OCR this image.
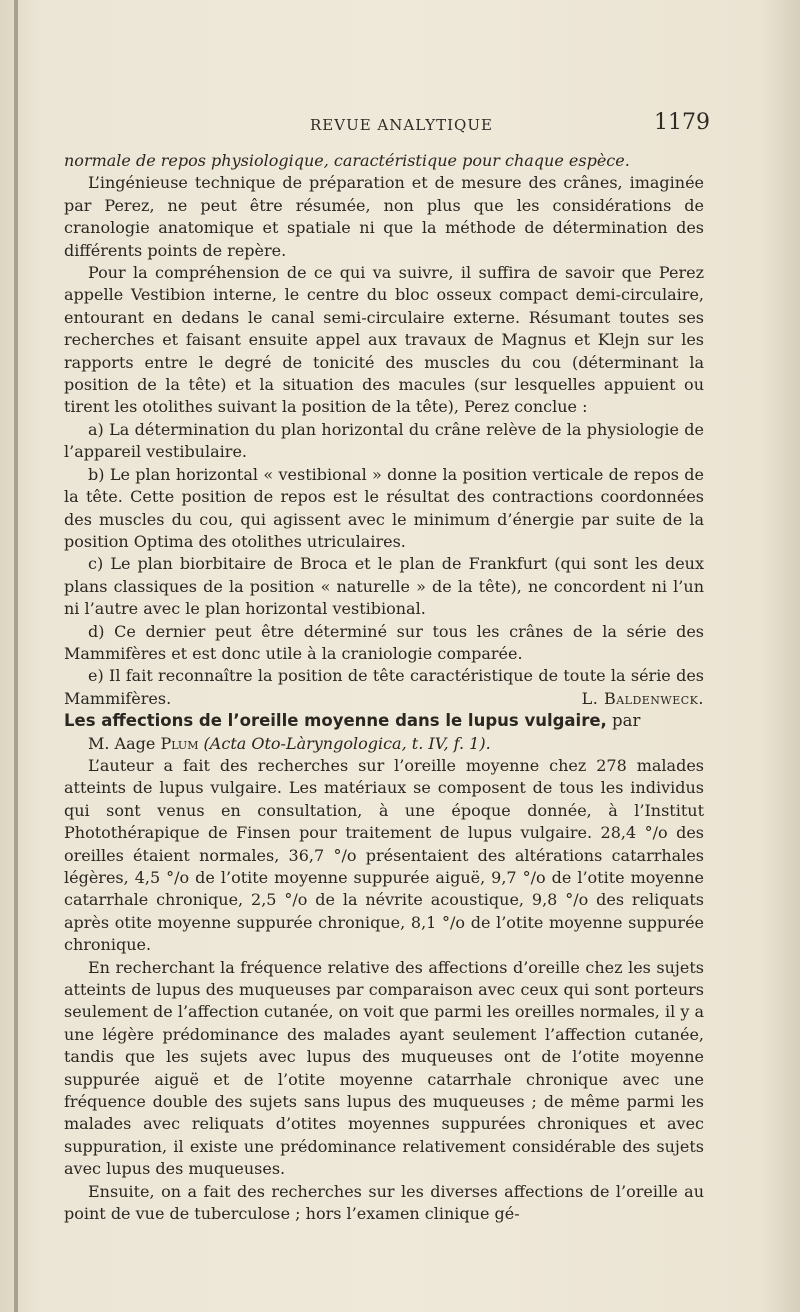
REVUE ANALYTIQUE	1179

normale de repos physiologique, caractéristique pour chaque espèce.

L’ingénieuse technique de préparation et de mesure des crânes, imaginée par Perez, ne peut être résumée, non plus que les considérations de cranologie anatomique et spatiale ni que la méthode de détermination des différents points de repère.

Pour la compréhension de ce qui va suivre, il suffira de savoir que Perez appelle Vestibion interne, le centre du bloc osseux compact demi-circulaire, entourant en dedans le canal semi-circulaire externe. Résumant toutes ses recherches et faisant ensuite appel aux travaux de Magnus et Klejn sur les rapports entre le degré de tonicité des muscles du cou (déterminant la position de la tête) et la situation des macules (sur lesquelles appuient ou tirent les otolithes suivant la position de la tête), Perez conclue :

a) La détermination du plan horizontal du crâne relève de la physiologie de l’appareil vestibulaire.

b) Le plan horizontal « vestibional » donne la position verticale de repos de la tête. Cette position de repos est le résultat des contractions coordonnées des muscles du cou, qui agissent avec le minimum d’énergie par suite de la position Optima des otolithes utriculaires.

c) Le plan biorbitaire de Broca et le plan de Frankfurt (qui sont les deux plans classiques de la position « naturelle » de la tête), ne concordent ni l’un ni l’autre avec le plan horizontal vestibional.

d) Ce dernier peut être déterminé sur tous les crânes de la série des Mammifères et est donc utile à la craniologie comparée.

e) Il fait reconnaître la position de tête caractéristique de toute la série des Mammifères.	L. Baldenweck.

Les affections de l’oreille moyenne dans le lupus vulgaire, par

M. Aage Plum (Acta Oto-Làryngologica, t. IV, f. 1).

L’auteur a fait des recherches sur l’oreille moyenne chez 278 malades atteints de lupus vulgaire. Les matériaux se composent de tous les individus qui sont venus en consultation, à une époque donnée, à l’Institut Photothérapique de Finsen pour traitement de lupus vulgaire. 28,4 °/o des oreilles étaient normales, 36,7 °/o présentaient des altérations catarrhales légères, 4,5 °/o de l’otite moyenne suppurée aiguë, 9,7 °/o de l’otite moyenne catarrhale chronique, 2,5 °/o de la névrite acoustique, 9,8 °/o des reliquats après otite moyenne suppurée chronique, 8,1 °/o de l’otite moyenne suppurée chronique.

En recherchant la fréquence relative des affections d’oreille chez les sujets atteints de lupus des muqueuses par comparaison avec ceux qui sont porteurs seulement de l’affection cutanée, on voit que parmi les oreilles normales, il y a une légère prédominance des malades ayant seulement l’affection cutanée, tandis que les sujets avec lupus des muqueuses ont de l’otite moyenne suppurée aiguë et de l’otite moyenne catarrhale chronique avec une fréquence double des sujets sans lupus des muqueuses ; de même parmi les malades avec reliquats d’otites moyennes suppurées chroniques et avec suppuration, il existe une prédominance relativement considérable des sujets avec lupus des muqueuses.

Ensuite, on a fait des recherches sur les diverses affections de l’oreille au point de vue de tuberculose ; hors l’examen clinique gé-
